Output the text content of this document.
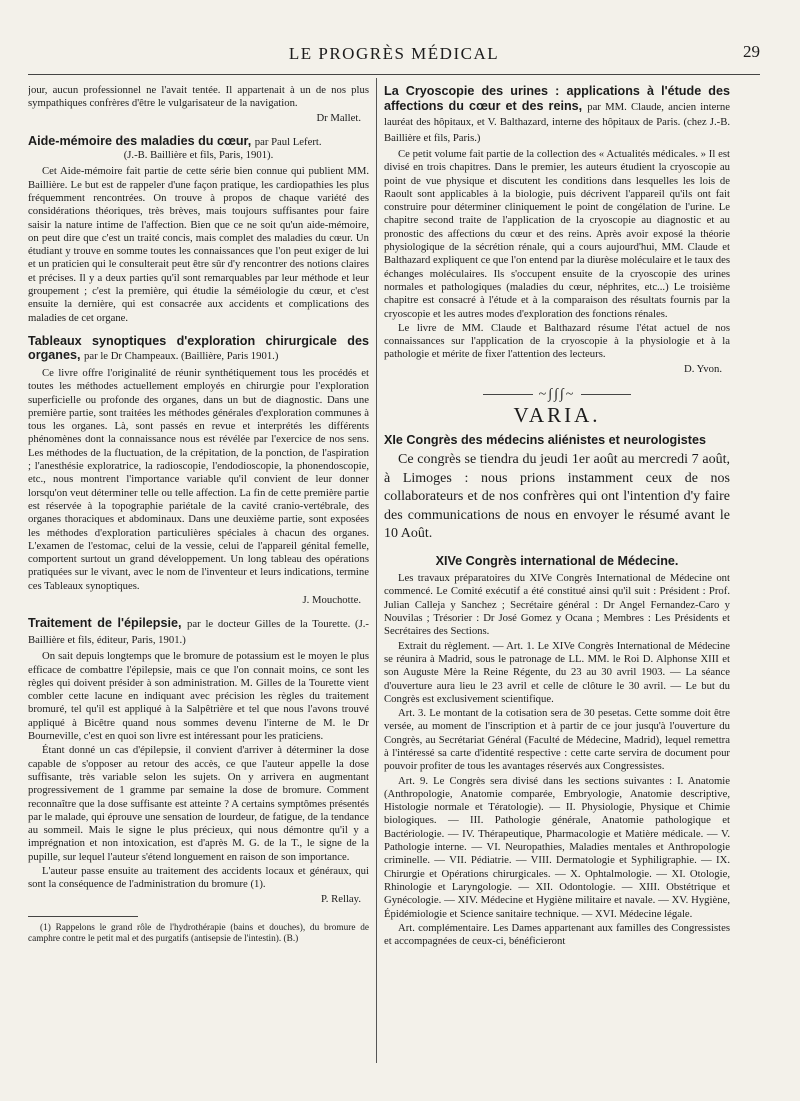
LE PROGRÈS MÉDICAL	29

jour, aucun professionnel ne l'avait tentée. Il appartenait à un de nos plus sympathiques confrères d'être le vulgarisateur de la navigation.

Dr Mallet.

Aide-mémoire des maladies du cœur, par Paul Lefert.
(J.-B. Baillière et fils, Paris, 1901).

Cet Aide-mémoire fait partie de cette série bien connue qui publient MM. Baillière. Le but est de rappeler d'une façon pratique, les cardiopathies les plus fréquemment rencontrées. On trouve à propos de chaque variété des considérations théoriques, très brèves, mais toujours suffisantes pour faire saisir la nature intime de l'affection. Bien que ce ne soit qu'un aide-mémoire, on peut dire que c'est un traité concis, mais complet des maladies du cœur. Un étudiant y trouve en somme toutes les connaissances que l'on peut exiger de lui et un praticien qui le consulterait peut être sûr d'y rencontrer des notions claires et précises. Il y a deux parties qu'il sont remarquables par leur méthode et leur groupement ; c'est la première, qui étudie la séméiologie du cœur, et c'est ensuite la dernière, qui est consacrée aux accidents et complications des maladies de cet organe.

Tableaux synoptiques d'exploration chirurgicale des organes, par le Dr Champeaux. (Baillière, Paris 1901.)

Ce livre offre l'originalité de réunir synthétiquement tous les procédés et toutes les méthodes actuellement employés en chirurgie pour l'exploration superficielle ou profonde des organes, dans un but de diagnostic. Dans une première partie, sont traitées les méthodes générales d'exploration communes à tous les organes. Là, sont passés en revue et interprétés les différents phénomènes dont la connaissance nous est révélée par l'exercice de nos sens. Les méthodes de la fluctuation, de la crépitation, de la ponction, de l'aspiration ; l'anesthésie exploratrice, la radioscopie, l'endodioscopie, la phonendoscopie, etc., nous montrent l'importance variable qu'il convient de leur donner lorsqu'on veut déterminer telle ou telle affection. La fin de cette première partie est réservée à la topographie pariétale de la cavité cranio-vertébrale, des organes thoraciques et abdominaux. Dans une deuxième partie, sont exposées les méthodes d'exploration particulières spéciales à chacun des organes. L'examen de l'estomac, celui de la vessie, celui de l'appareil génital femelle, comportent surtout un grand développement. Un long tableau des opérations pratiquées sur le vivant, avec le nom de l'inventeur et leurs indications, termine ces Tableaux synoptiques.

J. Mouchotte.

Traitement de l'épilepsie, par le docteur Gilles de la Tourette. (J.-Baillière et fils, éditeur, Paris, 1901.)

On sait depuis longtemps que le bromure de potassium est le moyen le plus efficace de combattre l'épilepsie, mais ce que l'on connait moins, ce sont les règles qui doivent présider à son administration. M. Gilles de la Tourette vient combler cette lacune en indiquant avec précision les règles du traitement bromuré, tel qu'il est appliqué à la Salpêtrière et tel que nous l'avons trouvé appliqué à Bicêtre quand nous sommes devenu l'interne de M. le Dr Bourneville, c'est en quoi son livre est intéressant pour les praticiens.

Étant donné un cas d'épilepsie, il convient d'arriver à déterminer la dose capable de s'opposer au retour des accès, ce que l'auteur appelle la dose suffisante, très variable selon les sujets. On y arrivera en augmentant progressivement de 1 gramme par semaine la dose de bromure. Comment reconnaître que la dose suffisante est atteinte ? A certains symptômes présentés par le malade, qui éprouve une sensation de lourdeur, de fatigue, de la tendance au sommeil. Mais le signe le plus précieux, qui nous démontre qu'il y a imprégnation et non intoxication, est d'après M. G. de la T., le signe de la pupille, sur lequel l'auteur s'étend longuement en raison de son importance.

L'auteur passe ensuite au traitement des accidents locaux et généraux, qui sont la conséquence de l'administration du bromure (1).

P. Rellay.

(1) Rappelons le grand rôle de l'hydrothérapie (bains et douches), du bromure de camphre contre le petit mal et des purgatifs (antisepsie de l'intestin). (B.)

La Cryoscopie des urines : applications à l'étude des affections du cœur et des reins, par MM. Claude, ancien interne lauréat des hôpitaux, et V. Balthazard, interne des hôpitaux de Paris. (chez J.-B. Baillière et fils, Paris.)

Ce petit volume fait partie de la collection des « Actualités médicales. » Il est divisé en trois chapitres. Dans le premier, les auteurs étudient la cryoscopie au point de vue physique et discutent les conditions dans lesquelles les lois de Raoult sont applicables à la biologie, puis décrivent l'appareil qu'ils ont fait construire pour déterminer cliniquement le point de congélation de l'urine. Le chapitre second traite de l'application de la cryoscopie au diagnostic et au pronostic des affections du cœur et des reins. Après avoir exposé la théorie physiologique de la sécrétion rénale, qui a cours aujourd'hui, MM. Claude et Balthazard expliquent ce que l'on entend par la diurèse moléculaire et le taux des échanges moléculaires. Ils s'occupent ensuite de la cryoscopie des urines normales et pathologiques (maladies du cœur, néphrites, etc...) Le troisième chapitre est consacré à l'étude et à la comparaison des résultats fournis par la cryoscopie et les autres modes d'exploration des fonctions rénales.

Le livre de MM. Claude et Balthazard résume l'état actuel de nos connaissances sur l'application de la cryoscopie à la physiologie et à la pathologie et mérite de fixer l'attention des lecteurs.

D. Yvon.

~∫∫∫~
VARIA.
XIe Congrès des médecins aliénistes et neurologistes

Ce congrès se tiendra du jeudi 1er août au mercredi 7 août, à Limoges : nous prions instamment ceux de nos collaborateurs et de nos confrères qui ont l'intention d'y faire des communications de nous en envoyer le résumé avant le 10 Août.

XIVe Congrès international de Médecine.

Les travaux préparatoires du XIVe Congrès International de Médecine ont commencé. Le Comité exécutif a été constitué ainsi qu'il suit : Président : Prof. Julian Calleja y Sanchez ; Secrétaire général : Dr Angel Fernandez-Caro y Nouvilas ; Trésorier : Dr José Gomez y Ocana ; Membres : Les Présidents et Secrétaires des Sections.

Extrait du règlement. — Art. 1. Le XIVe Congrès International de Médecine se réunira à Madrid, sous le patronage de LL. MM. le Roi D. Alphonse XIII et son Auguste Mère la Reine Régente, du 23 au 30 avril 1903. — La séance d'ouverture aura lieu le 23 avril et celle de clôture le 30 avril. — Le but du Congrès est exclusivement scientifique.

Art. 3. Le montant de la cotisation sera de 30 pesetas. Cette somme doit être versée, au moment de l'inscription et à partir de ce jour jusqu'à l'ouverture du Congrès, au Secrétariat Général (Faculté de Médecine, Madrid), lequel remettra à l'intéressé sa carte d'identité respective : cette carte servira de document pour pouvoir profiter de tous les avantages réservés aux Congressistes.

Art. 9. Le Congrès sera divisé dans les sections suivantes : I. Anatomie (Anthropologie, Anatomie comparée, Embryologie, Anatomie descriptive, Histologie normale et Tératologie). — II. Physiologie, Physique et Chimie biologiques. — III. Pathologie générale, Anatomie pathologique et Bactériologie. — IV. Thérapeutique, Pharmacologie et Matière médicale. — V. Pathologie interne. — VI. Neuropathies, Maladies mentales et Anthropologie criminelle. — VII. Pédiatrie. — VIII. Dermatologie et Syphiligraphie. — IX. Chirurgie et Opérations chirurgicales. — X. Ophtalmologie. — XI. Otologie, Rhinologie et Laryngologie. — XII. Odontologie. — XIII. Obstétrique et Gynécologie. — XIV. Médecine et Hygiène militaire et navale. — XV. Hygiène, Épidémiologie et Science sanitaire technique. — XVI. Médecine légale.

Art. complémentaire. Les Dames appartenant aux familles des Congressistes et accompagnées de ceux-ci, bénéficieront
